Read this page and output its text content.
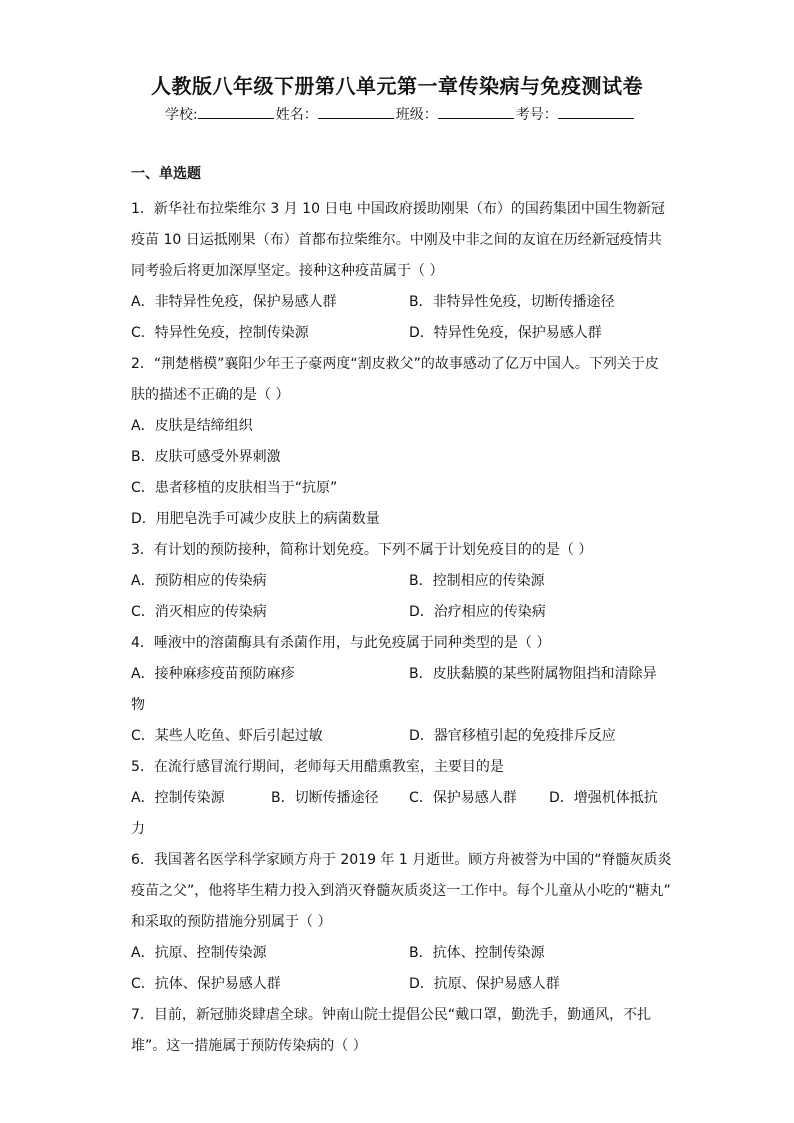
人教版八年级下册第八单元第一章传染病与免疫测试卷
学校:	姓名：	班级：	考号：
一、单选题
1．新华社布拉柴维尔 3 月 10 日电 中国政府援助刚果（布）的国药集团中国生物新冠
疫苗 10 日运抵刚果（布）首都布拉柴维尔。中刚及中非之间的友谊在历经新冠疫情共
同考验后将更加深厚坚定。接种这种疫苗属于（ ）
A．非特异性免疫，保护易感人群	B．非特异性免疫，切断传播途径
C．特异性免疫，控制传染源	D．特异性免疫，保护易感人群
2．“荆楚楷模”襄阳少年王子豪两度“割皮救父”的故事感动了亿万中国人。下列关于皮
肤的描述不正确的是（ ）
A．皮肤是结缔组织
B．皮肤可感受外界刺激
C．患者移植的皮肤相当于“抗原”
D．用肥皂洗手可减少皮肤上的病菌数量
3．有计划的预防接种，简称计划免疫。下列不属于计划免疫目的的是（ ）
A．预防相应的传染病	B．控制相应的传染源
C．消灭相应的传染病	D．治疗相应的传染病
4．唾液中的溶菌酶具有杀菌作用，与此免疫属于同种类型的是（ ）
A．接种麻疹疫苗预防麻疹	B．皮肤黏膜的某些附属物阻挡和清除异
物
C．某些人吃鱼、虾后引起过敏	D．器官移植引起的免疫排斥反应
5．在流行感冒流行期间，老师每天用醋熏教室，主要目的是
A．控制传染源	B．切断传播途径	C．保护易感人群	D．增强机体抵抗
力
6．我国著名医学科学家顾方舟于 2019 年 1 月逝世。顾方舟被誉为中国的“脊髓灰质炎
疫苗之父”，他将毕生精力投入到消灭脊髓灰质炎这一工作中。每个儿童从小吃的“糖丸”
和采取的预防措施分别属于（ ）
A．抗原、控制传染源	B．抗体、控制传染源
C．抗体、保护易感人群	D．抗原、保护易感人群
7．目前，新冠肺炎肆虐全球。钟南山院士提倡公民“戴口罩，勤洗手，勤通风，不扎
堆”。这一措施属于预防传染病的（ ）
